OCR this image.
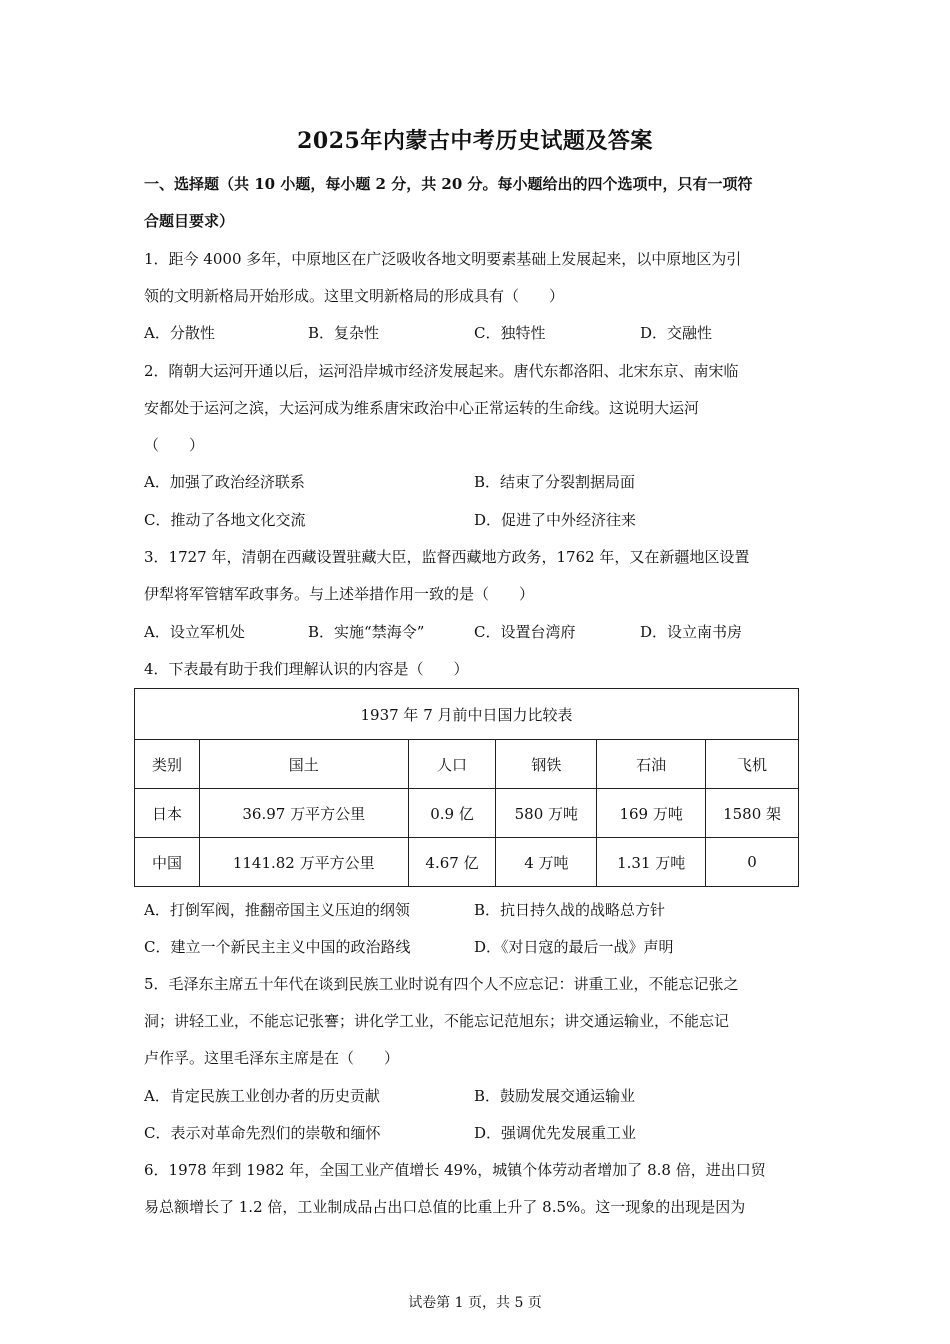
2025年内蒙古中考历史试题及答案
一、选择题（共 10 小题，每小题 2 分，共 20 分。每小题给出的四个选项中，只有一项符
合题目要求）
1．距今 4000 多年，中原地区在广泛吸收各地文明要素基础上发展起来，以中原地区为引
领的文明新格局开始形成。这里文明新格局的形成具有（　　）
A．分散性	B．复杂性	C．独特性	D．交融性
2．隋朝大运河开通以后，运河沿岸城市经济发展起来。唐代东都洛阳、北宋东京、南宋临
安都处于运河之滨，大运河成为维系唐宋政治中心正常运转的生命线。这说明大运河
（　　）
A．加强了政治经济联系	B．结束了分裂割据局面
C．推动了各地文化交流	D．促进了中外经济往来
3．1727 年，清朝在西藏设置驻藏大臣，监督西藏地方政务，1762 年，又在新疆地区设置
伊犁将军管辖军政事务。与上述举措作用一致的是（　　）
A．设立军机处	B．实施“禁海令”	C．设置台湾府	D．设立南书房
4．下表最有助于我们理解认识的内容是（　　）
1937 年 7 月前中日国力比较表					
类别	国土	人口	钢铁	石油	飞机
日本	36.97 万平方公里	0.9 亿	580 万吨	169 万吨	1580 架
中国	1141.82 万平方公里	4.67 亿	4 万吨	1.31 万吨	0
A．打倒军阀，推翻帝国主义压迫的纲领	B．抗日持久战的战略总方针
C．建立一个新民主主义中国的政治路线	D．《对日寇的最后一战》声明
5．毛泽东主席五十年代在谈到民族工业时说有四个人不应忘记：讲重工业，不能忘记张之
洞；讲轻工业，不能忘记张謇；讲化学工业，不能忘记范旭东；讲交通运输业，不能忘记
卢作孚。这里毛泽东主席是在（　　）
A．肯定民族工业创办者的历史贡献	B．鼓励发展交通运输业
C．表示对革命先烈们的崇敬和缅怀	D．强调优先发展重工业
6．1978 年到 1982 年，全国工业产值增长 49%，城镇个体劳动者增加了 8.8 倍，进出口贸
易总额增长了 1.2 倍，工业制成品占出口总值的比重上升了 8.5%。这一现象的出现是因为
试卷第 1 页，共 5 页
